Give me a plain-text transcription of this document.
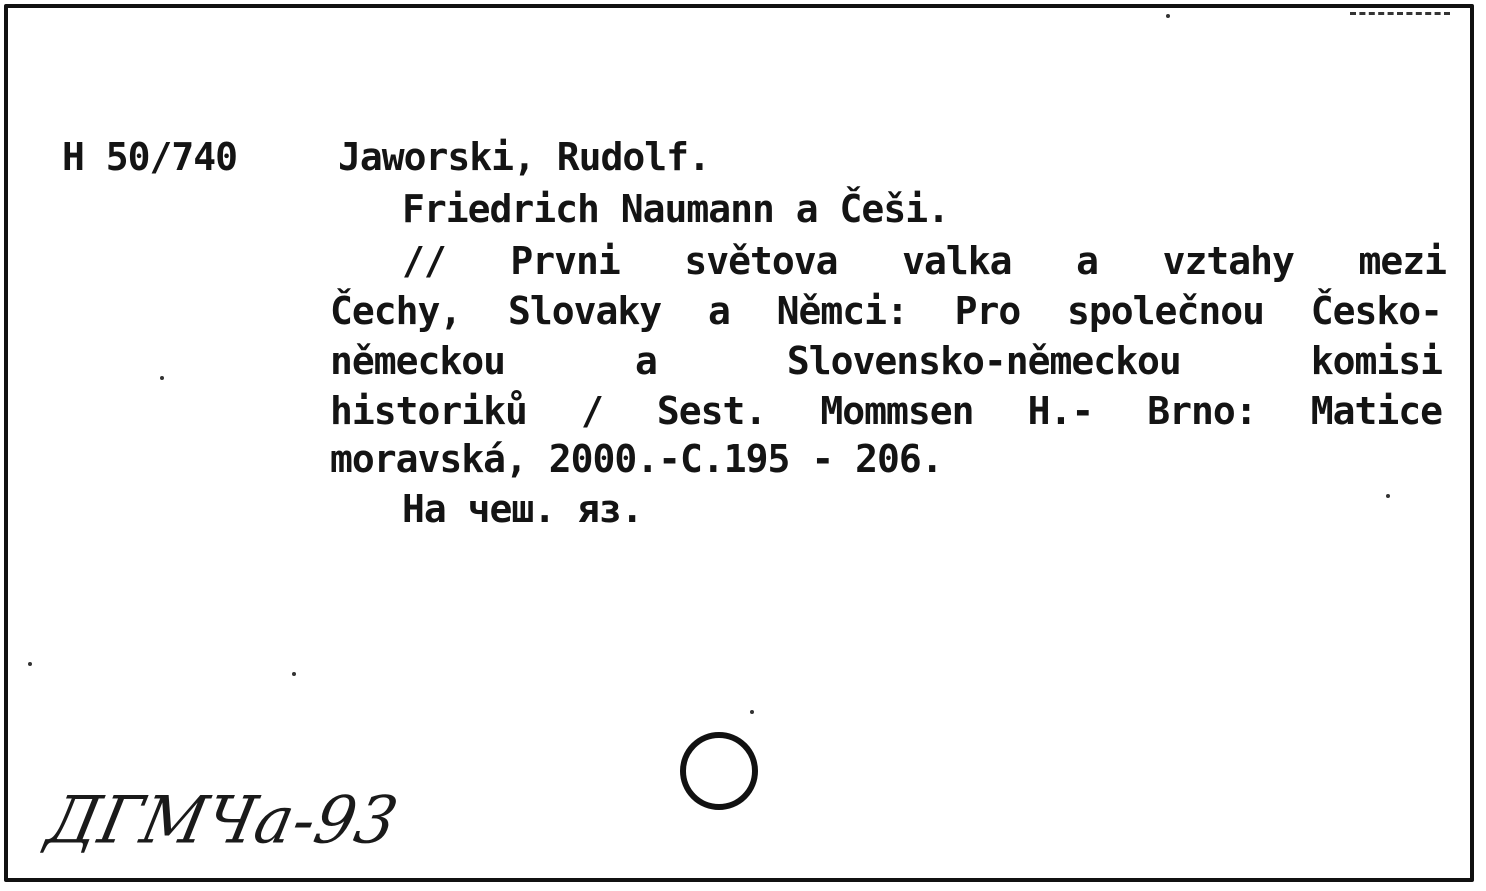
H 50/740	Jaworski, Rudolf.
Friedrich Naumann a Češi.
// Prvni světova valka a vztahy mezi
Čechy, Slovaky a Němci: Pro společnou Česko-
německou a Slovensko-německou komisi
historiků / Sest. Mommsen H.- Brno: Matice
moravská, 2000.-C.195 - 206.
На чеш. яз.
ДГМЧа-93
